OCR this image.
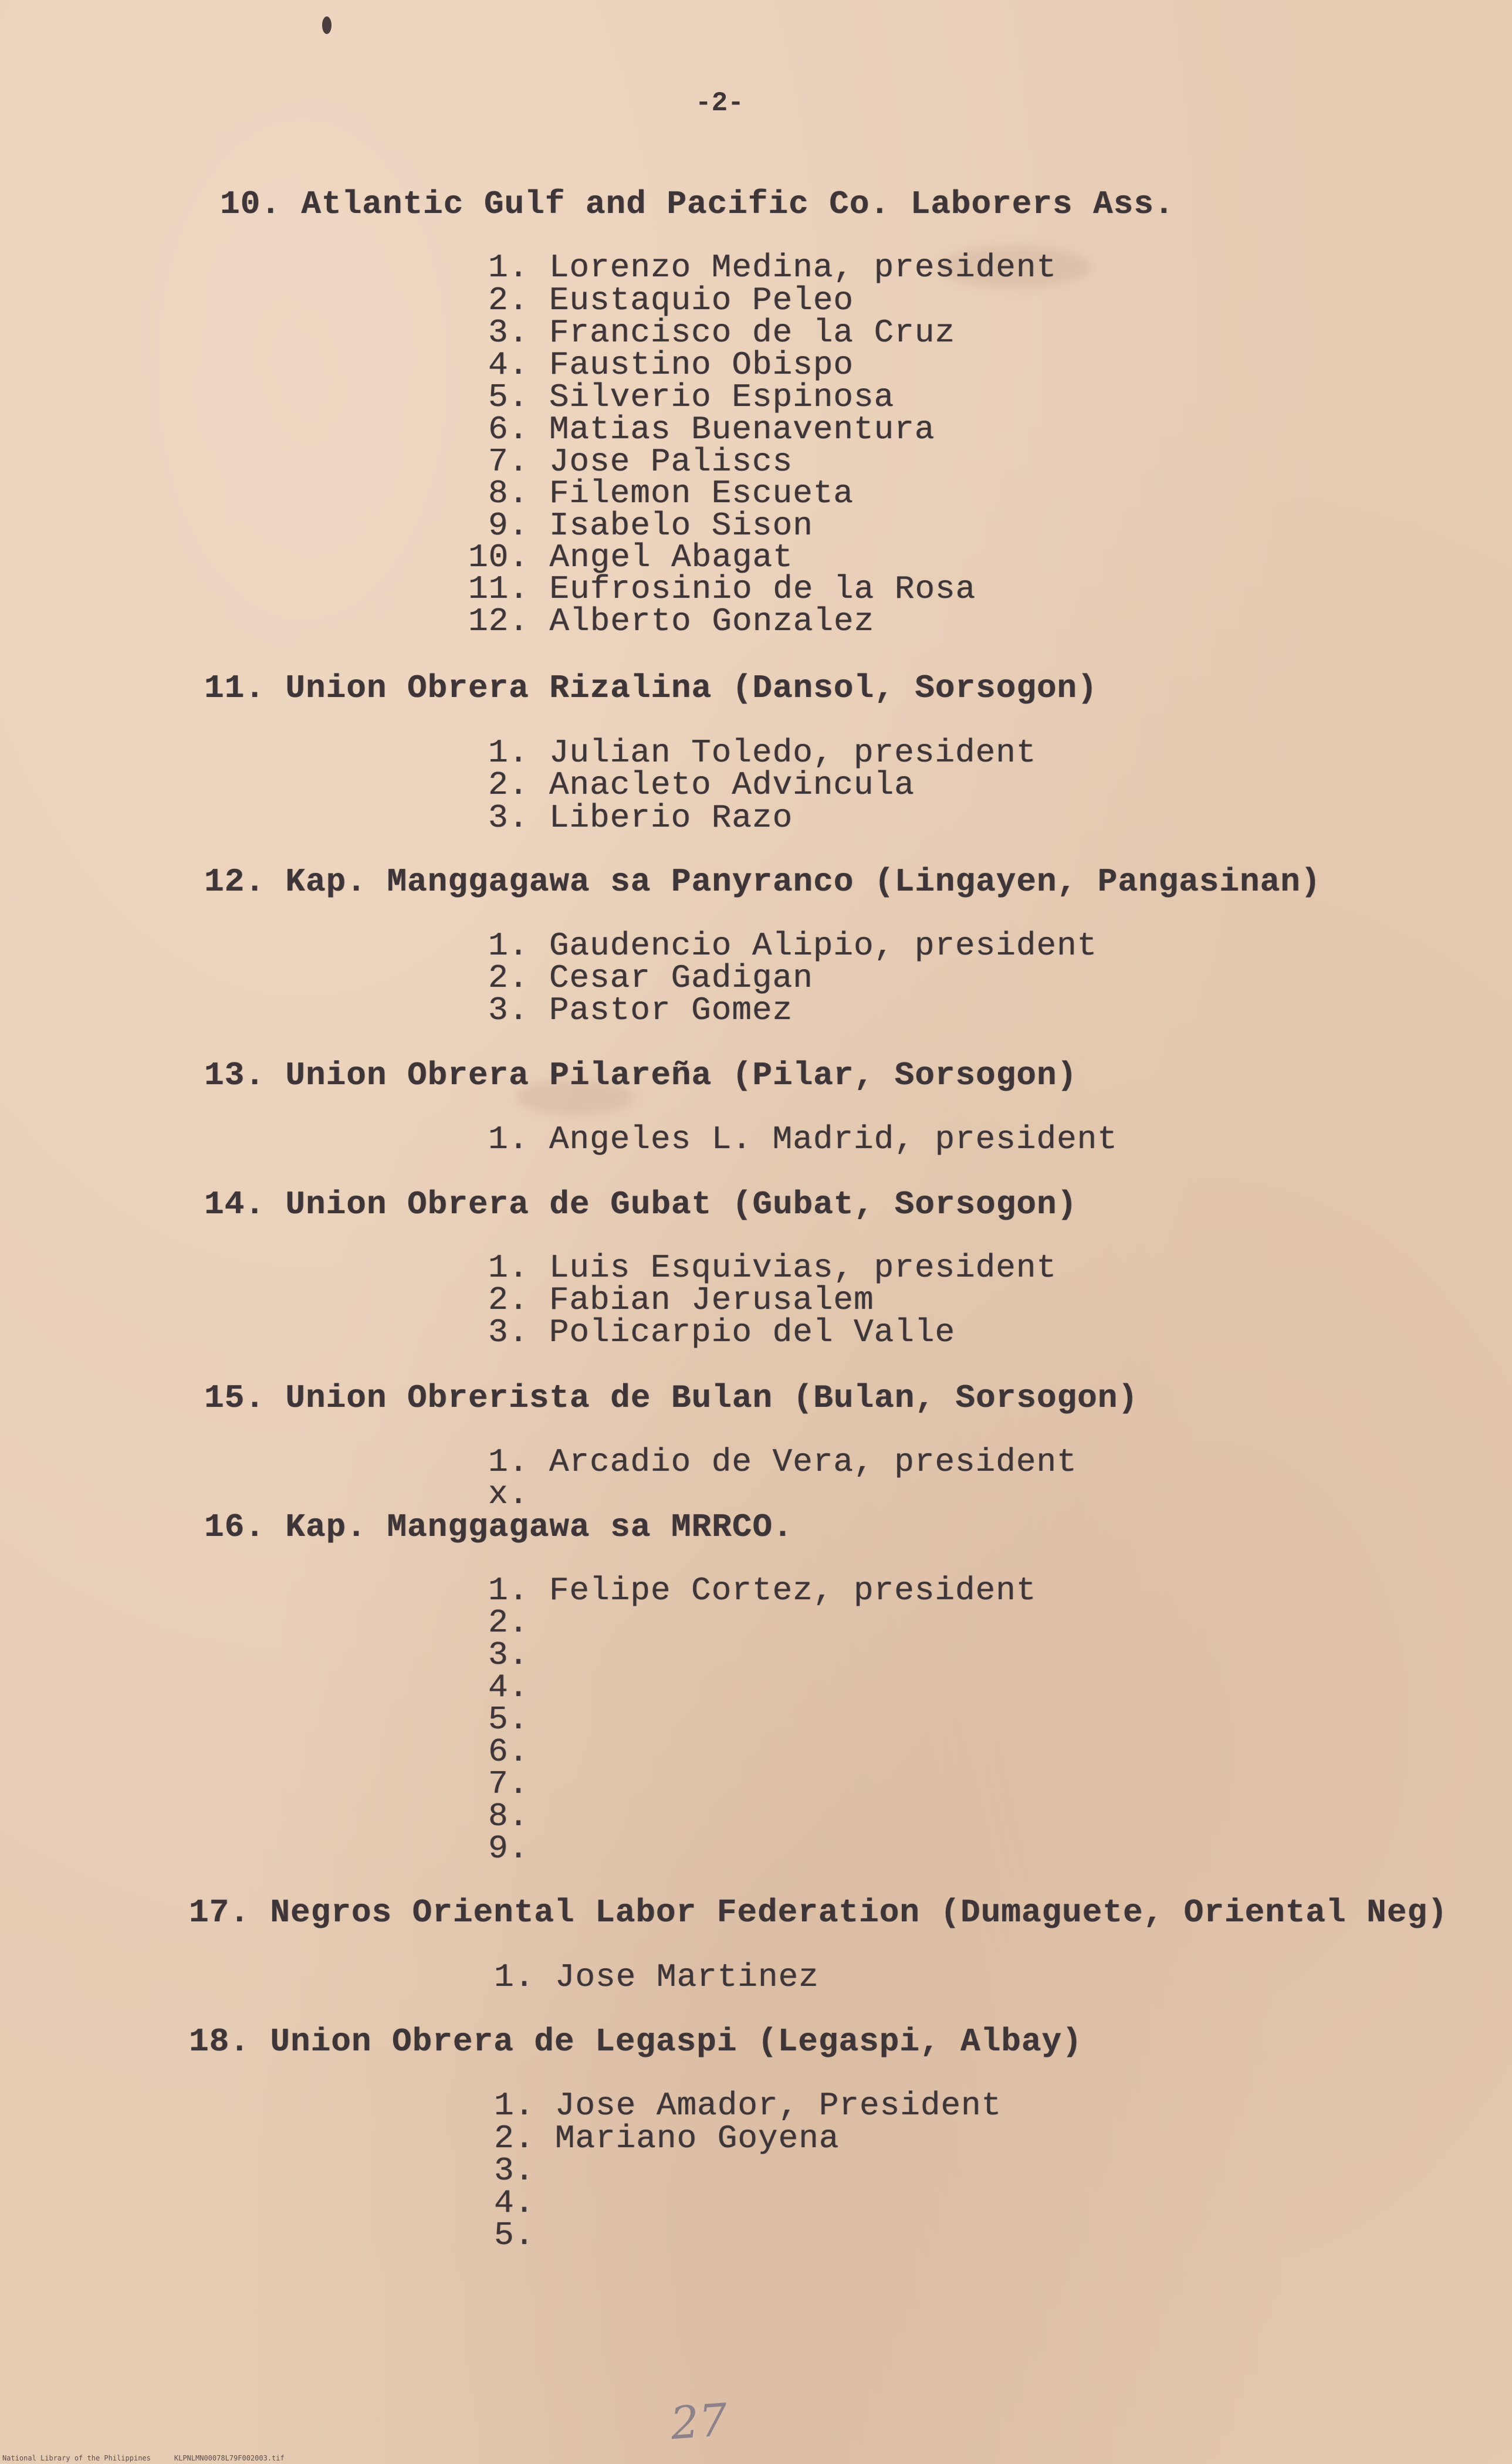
-2-
10. Atlantic Gulf and Pacific Co. Laborers Ass.
1. Lorenzo Medina, president
2. Eustaquio Peleo
3. Francisco de la Cruz
4. Faustino Obispo
5. Silverio Espinosa
6. Matias Buenaventura
7. Jose Paliscs
8. Filemon Escueta
9. Isabelo Sison
10. Angel Abagat
11. Eufrosinio de la Rosa
12. Alberto Gonzalez
11. Union Obrera Rizalina (Dansol, Sorsogon)
1. Julian Toledo, president
2. Anacleto Advincula
3. Liberio Razo
12. Kap. Manggagawa sa Panyranco (Lingayen, Pangasinan)
1. Gaudencio Alipio, president
2. Cesar Gadigan
3. Pastor Gomez
13. Union Obrera Pilareña (Pilar, Sorsogon)
1. Angeles L. Madrid, president
14. Union Obrera de Gubat (Gubat, Sorsogon)
1. Luis Esquivias, president
2. Fabian Jerusalem
3. Policarpio del Valle
15. Union Obrerista de Bulan (Bulan, Sorsogon)
1. Arcadio de Vera, president
x.
16. Kap. Manggagawa sa MRRCO.
1. Felipe Cortez, president
2.
3.
4.
5.
6.
7.
8.
9.
17. Negros Oriental Labor Federation (Dumaguete, Oriental Neg)
1. Jose Martinez
18. Union Obrera de Legaspi (Legaspi, Albay)
1. Jose Amador, President
2. Mariano Goyena
3.
4.
5.
27
National Library of the Philippines	KLPNLMN00078L79F002003.tif
